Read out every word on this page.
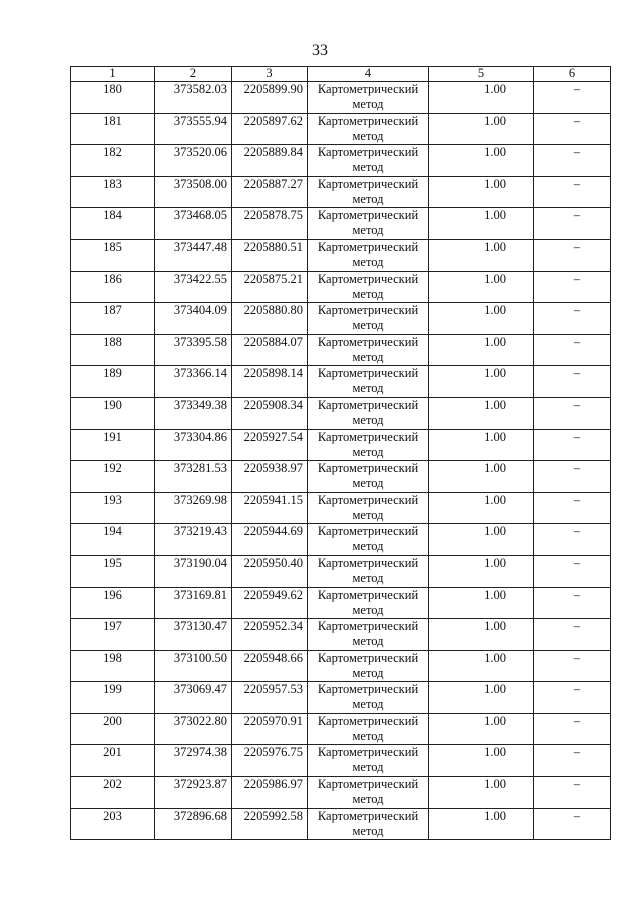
33
1	2	3	4	5	6
180	373582.03	2205899.90	Картометрический метод	1.00	–
181	373555.94	2205897.62	Картометрический метод	1.00	–
182	373520.06	2205889.84	Картометрический метод	1.00	–
183	373508.00	2205887.27	Картометрический метод	1.00	–
184	373468.05	2205878.75	Картометрический метод	1.00	–
185	373447.48	2205880.51	Картометрический метод	1.00	–
186	373422.55	2205875.21	Картометрический метод	1.00	–
187	373404.09	2205880.80	Картометрический метод	1.00	–
188	373395.58	2205884.07	Картометрический метод	1.00	–
189	373366.14	2205898.14	Картометрический метод	1.00	–
190	373349.38	2205908.34	Картометрический метод	1.00	–
191	373304.86	2205927.54	Картометрический метод	1.00	–
192	373281.53	2205938.97	Картометрический метод	1.00	–
193	373269.98	2205941.15	Картометрический метод	1.00	–
194	373219.43	2205944.69	Картометрический метод	1.00	–
195	373190.04	2205950.40	Картометрический метод	1.00	–
196	373169.81	2205949.62	Картометрический метод	1.00	–
197	373130.47	2205952.34	Картометрический метод	1.00	–
198	373100.50	2205948.66	Картометрический метод	1.00	–
199	373069.47	2205957.53	Картометрический метод	1.00	–
200	373022.80	2205970.91	Картометрический метод	1.00	–
201	372974.38	2205976.75	Картометрический метод	1.00	–
202	372923.87	2205986.97	Картометрический метод	1.00	–
203	372896.68	2205992.58	Картометрический метод	1.00	–
